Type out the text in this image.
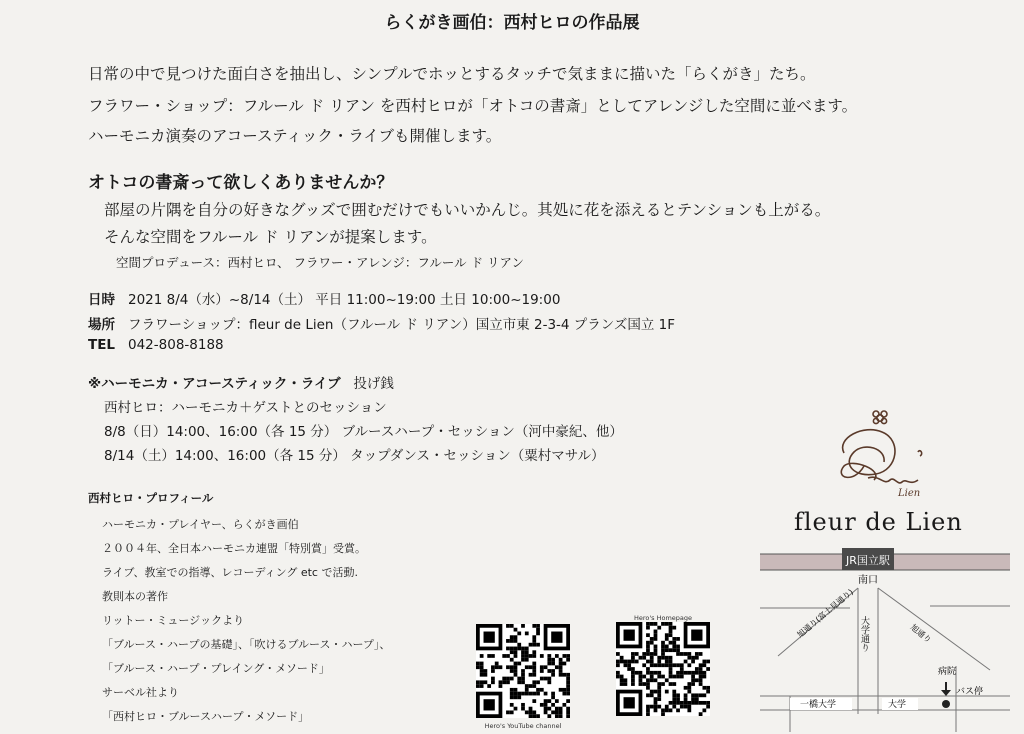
らくがき画伯：西村ヒロの作品展
日常の中で見つけた面白さを抽出し、シンプルでホッとするタッチで気ままに描いた「らくがき」たち。
フラワー・ショップ：フルール ド リアン を西村ヒロが「オトコの書斎」としてアレンジした空間に並べます。
ハーモニカ演奏のアコースティック・ライブも開催します。
オトコの書斎って欲しくありませんか？
部屋の片隅を自分の好きなグッズで囲むだけでもいいかんじ。其処に花を添えるとテンションも上がる。
そんな空間をフルール ド リアンが提案します。
空間プロデュース：西村ヒロ、 フラワー・アレンジ：フルール ド リアン
日時 2021 8/4（水）~8/14（土） 平日 11:00~19:00 土日 10:00~19:00
場所 フラワーショップ：fleur de Lien（フルール ド リアン）国立市東 2-3-4 プランズ国立 1F
TEL 042-808-8188
※ハーモニカ・アコースティック・ライブ 投げ銭
西村ヒロ：ハーモニカ＋ゲストとのセッション
8/8（日）14:00、16:00（各 15 分） ブルースハープ・セッション（河中豪紀、他）
8/14（土）14:00、16:00（各 15 分） タップダンス・セッション（粟村マサル）
西村ヒロ・プロフィール
ハーモニカ・プレイヤー、らくがき画伯
２００４年、全日本ハーモニカ連盟「特別賞」受賞。
ライブ、教室での指導、レコーディング etc で活動.
教則本の著作
リットー・ミュージックより
「ブルース・ハープの基礎」、「吹けるブルース・ハープ」、
「ブルース・ハープ・プレイング・メソード」
サーベル社より
「西村ヒロ・ブルースハープ・メソード」
Hero's YouTube channel
Hero's Homepage
Lien
fleur de Lien
JR国立駅
南口
旭通り(富士見通り) 大学通り	旭通り
病院
バス停
一橋大学	大学
